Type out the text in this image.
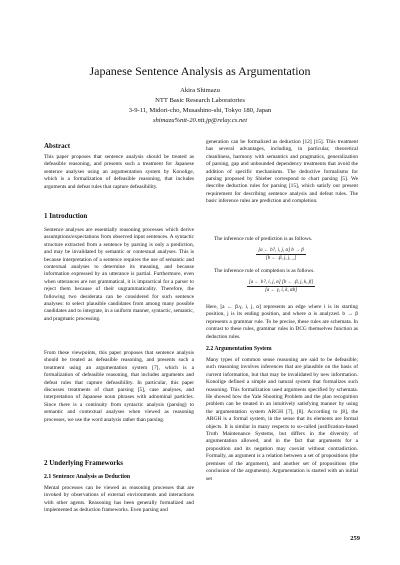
Japanese Sentence Analysis as Argumentation
Akira Shimazu
NTT Basic Research Laboratories
3-9-11, Midori-cho, Musashino-shi, Tokyo 180, Japan
shimazu%ntt-20.ntt.jp@relay.cs.net
Abstract
This paper proposes that sentence analysis should be treated as defeasible reasoning, and presents such a treatment for Japanese sentence analyses using an argumentation system by Konolige, which is a formalization of defeasible reasoning, that includes arguments and defeat rules that capture defeasibility.
1 Introduction
Sentence analyses are essentially reasoning processes which derive assumptions/expectations from observed input sentences. A syntactic structure extracted from a sentence by parsing is only a prediction, and may be invalidated by semantic or contextual analyses. This is because interpretation of a sentence requires the use of semantic and contextual analyses to determine its meaning, and because information expressed by an utterance is partial. Furthermore, even when utterances are not grammatical, it is impractical for a parser to reject them because of their ungrammaticality. Therefore, the following two desiderata can be considered for such sentence analyses: to select plausible candidates from among many possible candidates and to integrate, in a uniform manner, syntactic, semantic, and pragmatic processing.
From these viewpoints, this paper proposes that sentence analysis should be treated as defeasible reasoning, and presents such a treatment using an argumentation system [7], which is a formalization of defeasible reasoning, that includes arguments and defeat rules that capture defeasibility. In particular, this paper discusses treatments of chart parsing [5], case analyses, and interpretation of Japanese noun phrases with adnominal particles. Since there is a continuity from syntactic analysis (parsing) to semantic and contextual analyses when viewed as reasoning processes, we use the word analysis rather than parsing.
2 Underlying Frameworks
2.1 Sentence Analysis as Deduction
Mental processes can be viewed as reasoning processes that are invoked by observations of external environments and interactions with other agents. Reasoning has been generally formalized and implemented as deduction frameworks. Even parsing and
generation can be formalized as deduction [12] [15]. This treatment has several advantages, including, in particular, theoretical cleanliness, harmony with semantics and pragmatics, generalization of parsing, gap and unbounded dependency treatments that avoid the addition of specific mechanisms. The deductive formalisms for parsing proposed by Shieber correspond to chart parsing [5]. We describe deduction rules for parsing [15], which satisfy our present requirement for describing sentence analysis and defeat rules. The basic inference rules are prediction and completion.
The inference rule of prediction is as follows.
[a ← b?, i, j, α] b → β
[b ← .β, j, j, _]
The inference rule of completion is as follows.
[a ← b?, i, j, α] [b ← .β, j, k, β]
[a ← γ, i, k, αb]
Here, [a ← β.γ, i, j, α] represents an edge where i is its starting position, j is its ending position, and where α is analyzed. b → β represents a grammar rule. To be precise, these rules are schemata. In contrast to these rules, grammar rules in DCG themselves function as deduction rules.
2.2 Argumentation System
Many types of common sense reasoning are said to be defeasible; such reasoning involves inferences that are plausible on the basis of current information, but that may be invalidated by new information. Konolige defined a simple and natural system that formalizes such reasoning. This formalization used arguments specified by schemata. He showed how the Yale Shooting Problem and the plan recognition problem can be treated in an intuitively satisfying manner by using the argumentation system ARGH [7], [8]. According to [8], the ARGH is a formal system, in the sense that its elements are formal objects. It is similar in many respects to so-called justification-based Truth Maintenance Systems, but differs in the diversity of argumentation allowed, and in the fact that arguments for a proposition and its negation may coexist without contradiction. Formally, an argument is a relation between a set of propositions (the premises of the argument), and another set of propositions (the conclusion of the arguments). Argumentation is started with an initial set
259
